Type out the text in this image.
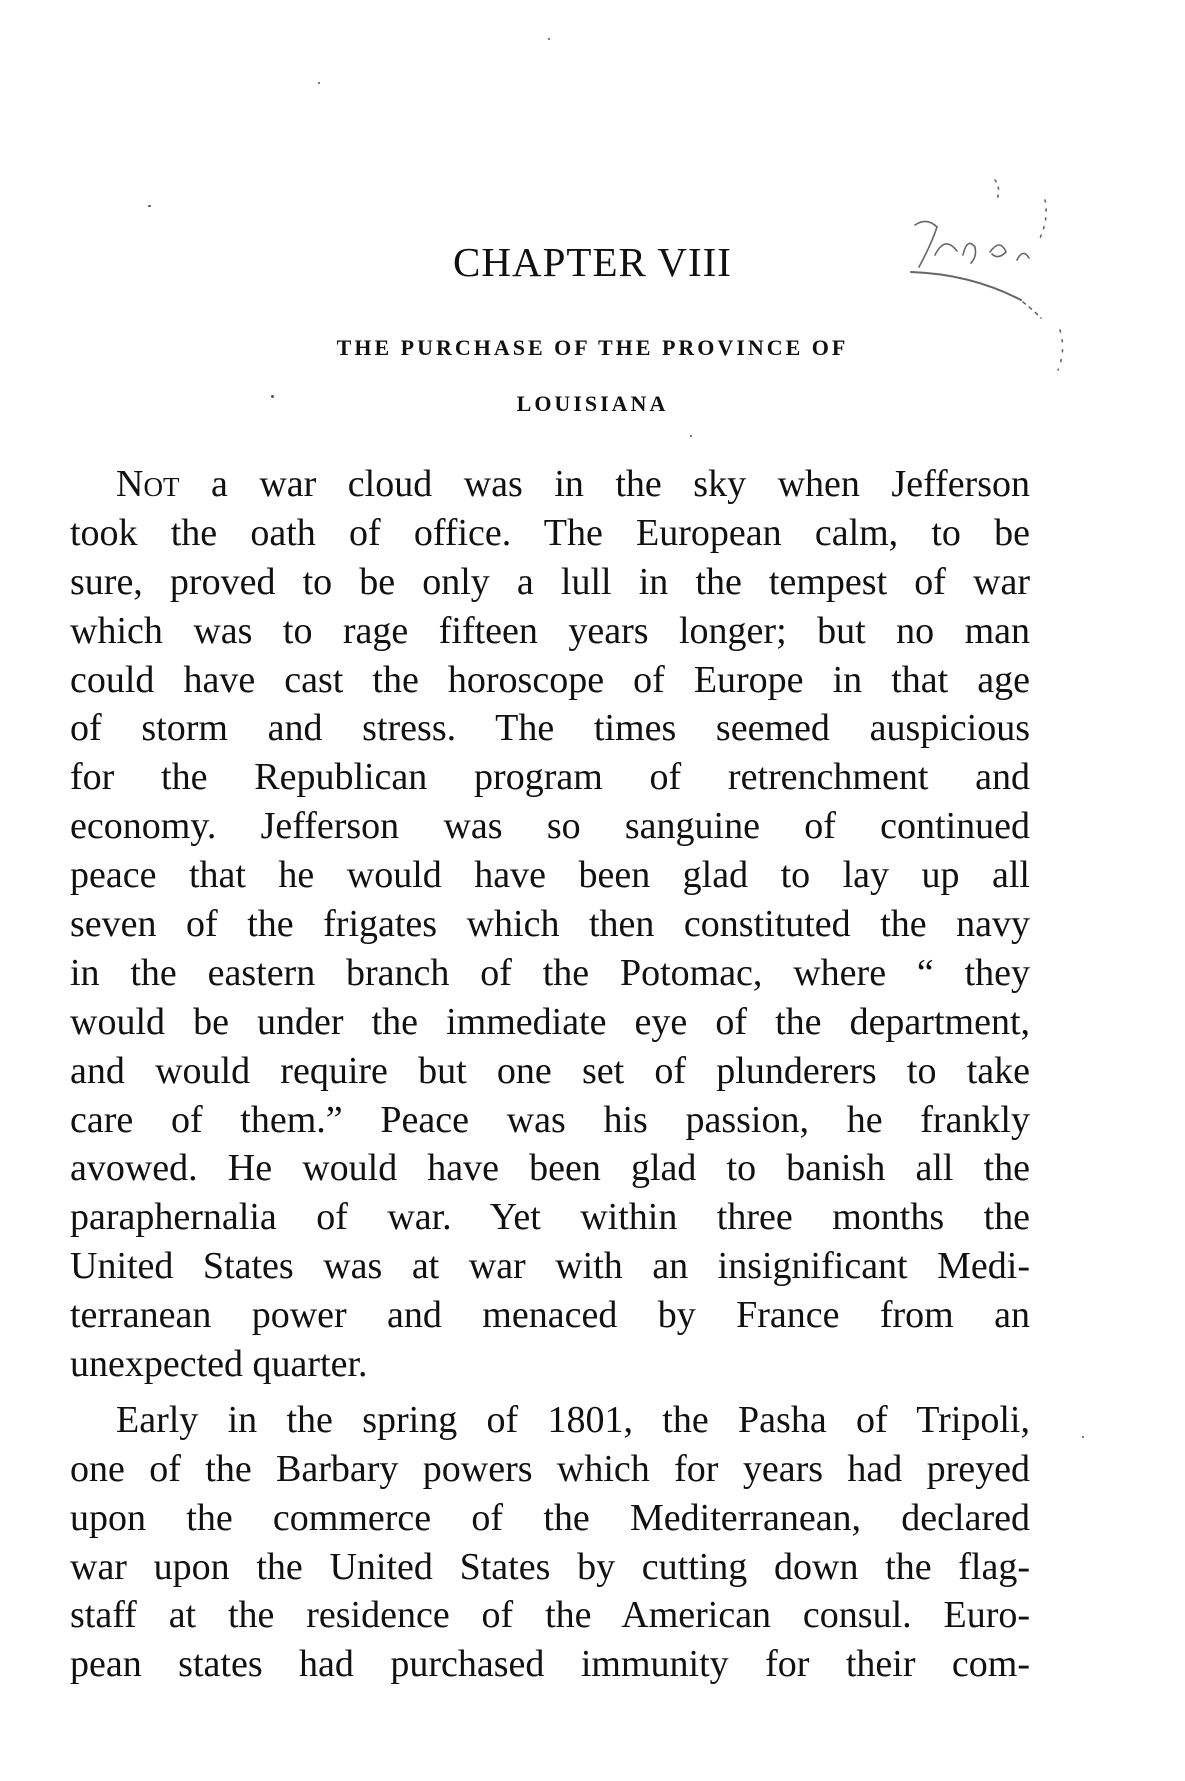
CHAPTER VIII
THE PURCHASE OF THE PROVINCE OF
LOUISIANA
Not a war cloud was in the sky when Jefferson
took the oath of office. The European calm, to be
sure, proved to be only a lull in the tempest of war
which was to rage fifteen years longer; but no man
could have cast the horoscope of Europe in that age
of storm and stress. The times seemed auspicious
for the Republican program of retrenchment and
economy. Jefferson was so sanguine of continued
peace that he would have been glad to lay up all
seven of the frigates which then constituted the navy
in the eastern branch of the Potomac, where “ they
would be under the immediate eye of the department,
and would require but one set of plunderers to take
care of them.” Peace was his passion, he frankly
avowed. He would have been glad to banish all the
paraphernalia of war. Yet within three months the
United States was at war with an insignificant Medi-
terranean power and menaced by France from an
unexpected quarter.
Early in the spring of 1801, the Pasha of Tripoli,
one of the Barbary powers which for years had preyed
upon the commerce of the Mediterranean, declared
war upon the United States by cutting down the flag-
staff at the residence of the American consul. Euro-
pean states had purchased immunity for their com-
